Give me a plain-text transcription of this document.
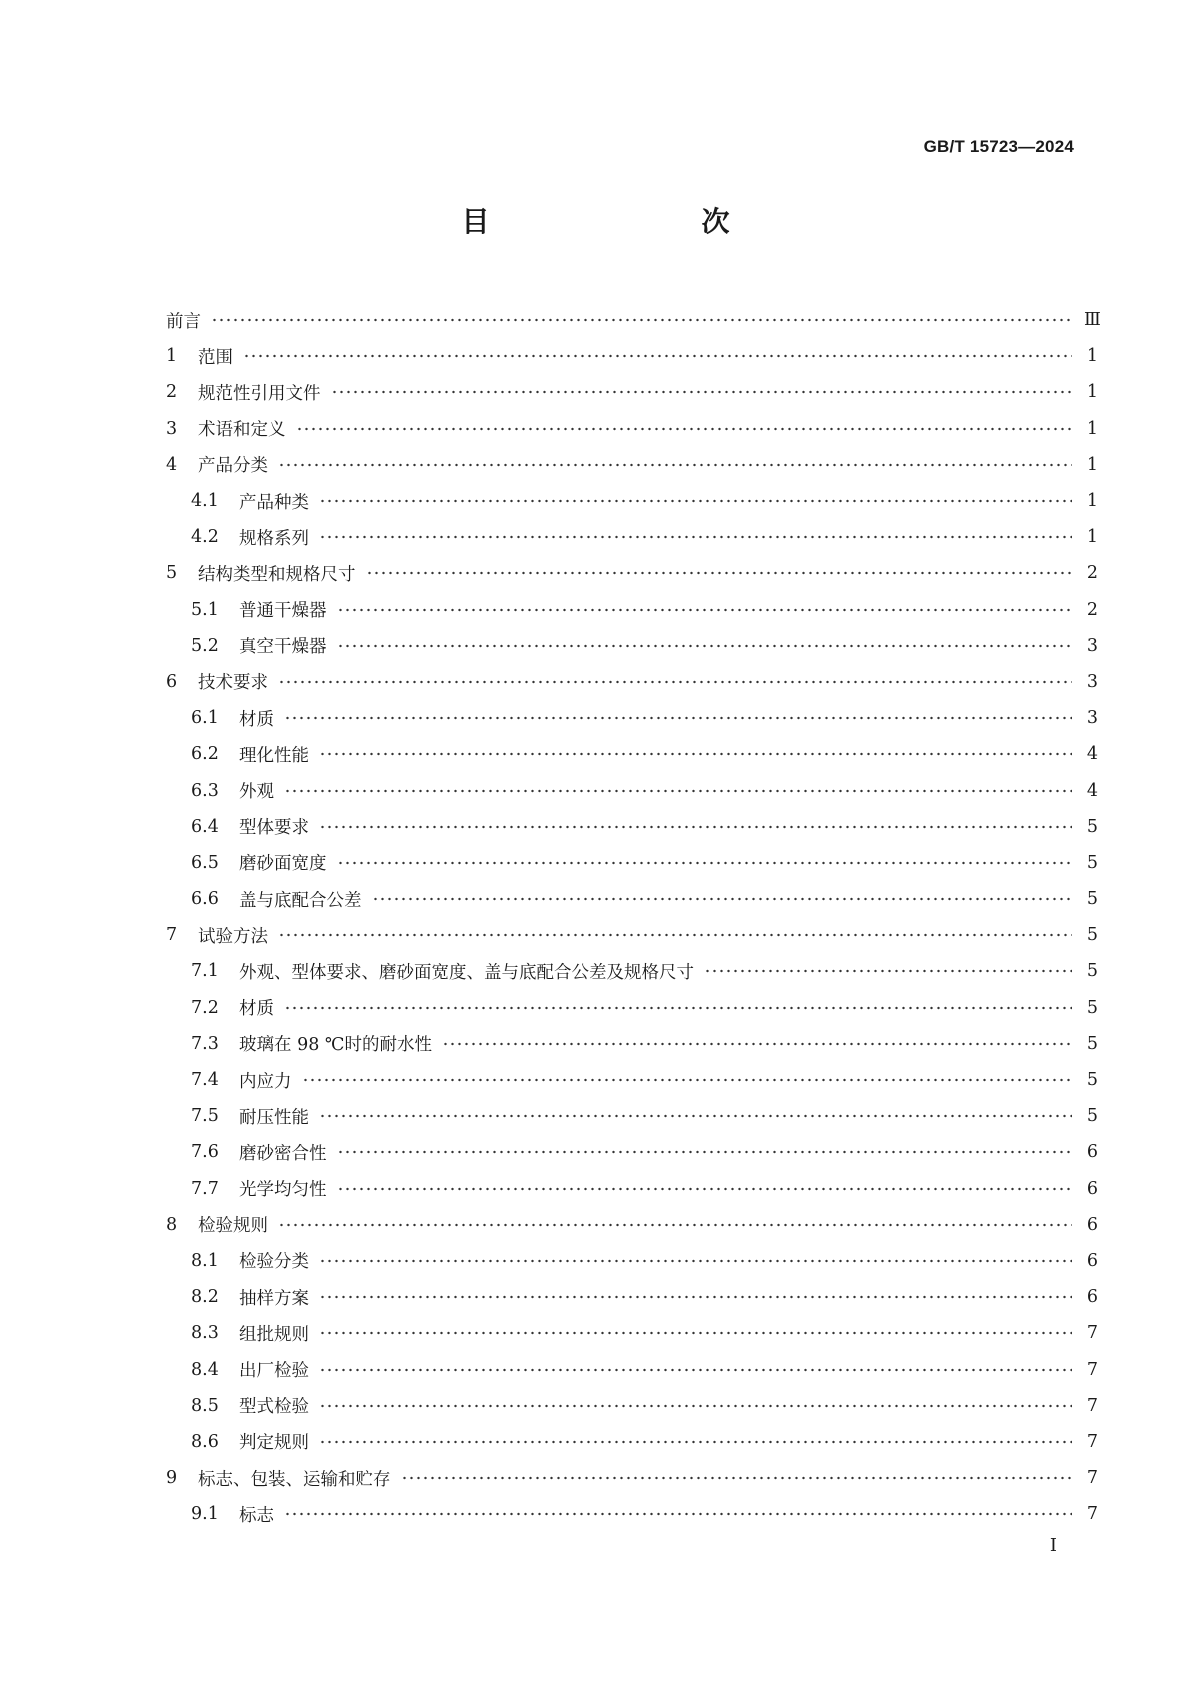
GB/T 15723—2024
目　　次
前言	Ⅲ
1	范围	1
2	规范性引用文件	1
3	术语和定义	1
4	产品分类	1
4.1	产品种类	1
4.2	规格系列	1
5	结构类型和规格尺寸	2
5.1	普通干燥器	2
5.2	真空干燥器	3
6	技术要求	3
6.1	材质	3
6.2	理化性能	4
6.3	外观	4
6.4	型体要求	5
6.5	磨砂面宽度	5
6.6	盖与底配合公差	5
7	试验方法	5
7.1	外观、型体要求、磨砂面宽度、盖与底配合公差及规格尺寸	5
7.2	材质	5
7.3	玻璃在 98 ℃时的耐水性	5
7.4	内应力	5
7.5	耐压性能	5
7.6	磨砂密合性	6
7.7	光学均匀性	6
8	检验规则	6
8.1	检验分类	6
8.2	抽样方案	6
8.3	组批规则	7
8.4	出厂检验	7
8.5	型式检验	7
8.6	判定规则	7
9	标志、包装、运输和贮存	7
9.1	标志	7
I
